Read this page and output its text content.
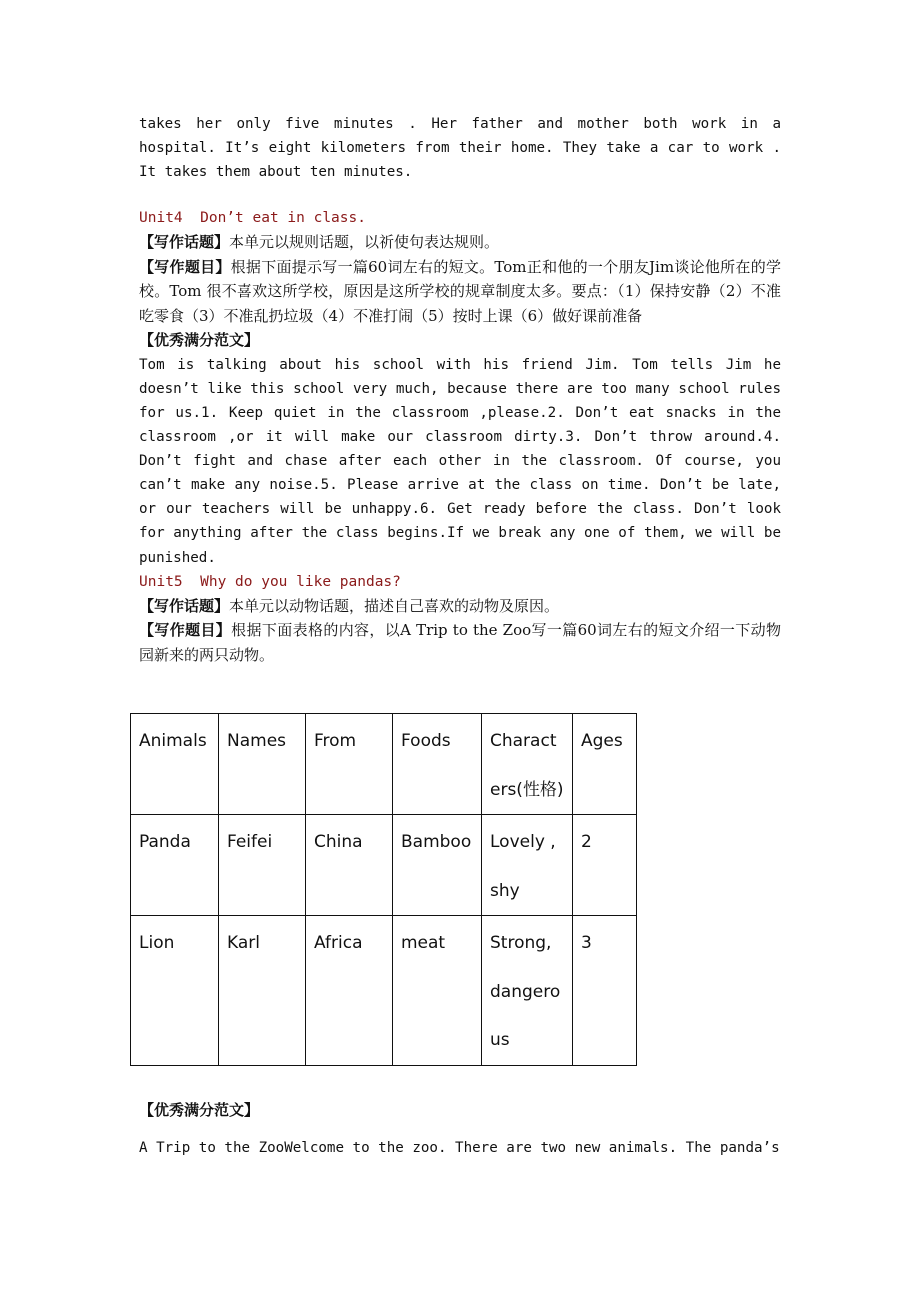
takes her only five minutes . Her father and mother both work in a hospital. It’s eight kilometers from their home. They take a car to work . It takes them about ten minutes.

Unit4  Don’t eat in class.

【写作话题】本单元以规则话题，以祈使句表达规则。

【写作题目】根据下面提示写一篇60词左右的短文。Tom正和他的一个朋友Jim谈论他所在的学校。Tom 很不喜欢这所学校，原因是这所学校的规章制度太多。要点：（1）保持安静（2）不准吃零食（3）不准乱扔垃圾（4）不准打闹（5）按时上课（6）做好课前准备

【优秀满分范文】

Tom is talking about his school with his friend Jim. Tom tells Jim he doesn’t like this school very much, because there are too many school rules for us.1. Keep quiet in the classroom ,please.2. Don’t eat snacks in the classroom ,or it will make our classroom dirty.3. Don’t throw around.4. Don’t fight and chase after each other in the classroom. Of course, you can’t make any noise.5. Please arrive at the class on time. Don’t be late, or our teachers will be unhappy.6. Get ready before the class. Don’t look for anything after the class begins.If we break any one of them, we will be punished.

Unit5  Why do you like pandas?

【写作话题】本单元以动物话题，描述自己喜欢的动物及原因。

【写作题目】根据下面表格的内容，以A Trip to the Zoo写一篇60词左右的短文介绍一下动物园新来的两只动物。

Animals	Names	From	Foods	Characters(性格)	Ages

Panda	Feifei	China	Bamboo	Lovely ,shy	2

Lion	Karl	Africa	meat	Strong, dangerous	3

【优秀满分范文】

A Trip to the ZooWelcome to the zoo. There are two new animals. The panda’s
